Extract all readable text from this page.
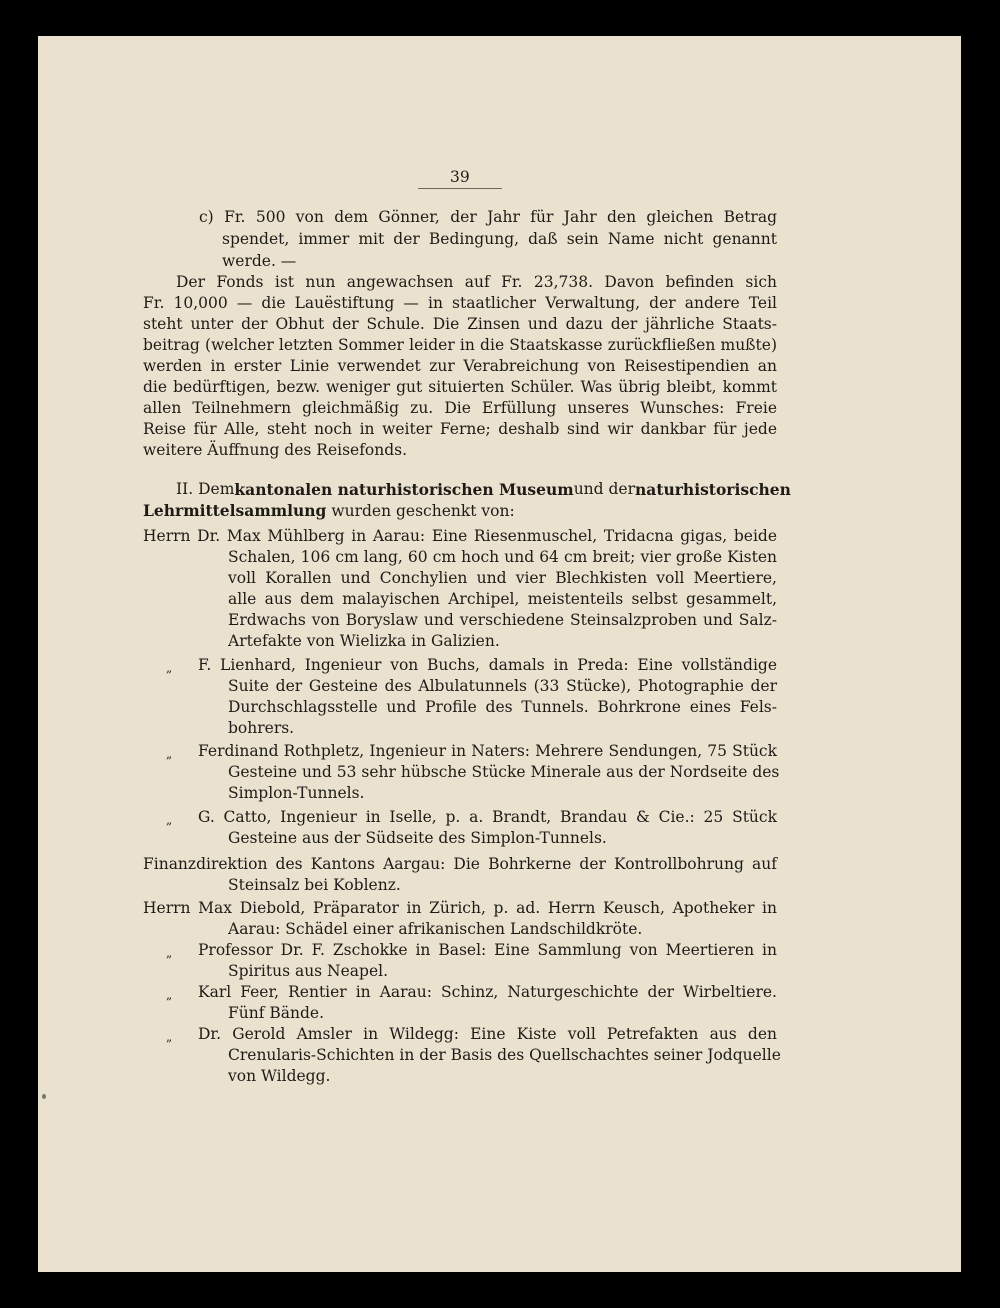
39
c) Fr. 500 von dem Gönner, der Jahr für Jahr den gleichen Betrag
spendet, immer mit der Bedingung, daß sein Name nicht genannt
werde. —
Der Fonds ist nun angewachsen auf Fr. 23,738. Davon befinden sich
Fr. 10,000 — die Lauëstiftung — in staatlicher Verwaltung, der andere Teil
steht unter der Obhut der Schule. Die Zinsen und dazu der jährliche Staats-
beitrag (welcher letzten Sommer leider in die Staatskasse zurückfließen mußte)
werden in erster Linie verwendet zur Verabreichung von Reisestipendien an
die bedürftigen, bezw. weniger gut situierten Schüler. Was übrig bleibt, kommt
allen Teilnehmern gleichmäßig zu. Die Erfüllung unseres Wunsches: Freie
Reise für Alle, steht noch in weiter Ferne; deshalb sind wir dankbar für jede
weitere Äuffnung des Reisefonds.
II. Dem kantonalen naturhistorischen Museum und der naturhistorischen
Lehrmittelsammlung wurden geschenkt von:
Herrn Dr. Max Mühlberg in Aarau: Eine Riesenmuschel, Tridacna gigas, beide
Schalen, 106 cm lang, 60 cm hoch und 64 cm breit; vier große Kisten
voll Korallen und Conchylien und vier Blechkisten voll Meertiere,
alle aus dem malayischen Archipel, meistenteils selbst gesammelt,
Erdwachs von Boryslaw und verschiedene Steinsalzproben und Salz-
Artefakte von Wielizka in Galizien.
„ F. Lienhard, Ingenieur von Buchs, damals in Preda: Eine vollständige
Suite der Gesteine des Albulatunnels (33 Stücke), Photographie der
Durchschlagsstelle und Profile des Tunnels. Bohrkrone eines Fels-
bohrers.
„ Ferdinand Rothpletz, Ingenieur in Naters: Mehrere Sendungen, 75 Stück
Gesteine und 53 sehr hübsche Stücke Minerale aus der Nordseite des
Simplon-Tunnels.
„ G. Catto, Ingenieur in Iselle, p. a. Brandt, Brandau & Cie.: 25 Stück
Gesteine aus der Südseite des Simplon-Tunnels.
Finanzdirektion des Kantons Aargau: Die Bohrkerne der Kontrollbohrung auf
Steinsalz bei Koblenz.
Herrn Max Diebold, Präparator in Zürich, p. ad. Herrn Keusch, Apotheker in
Aarau: Schädel einer afrikanischen Landschildkröte.
„ Professor Dr. F. Zschokke in Basel: Eine Sammlung von Meertieren in
Spiritus aus Neapel.
„ Karl Feer, Rentier in Aarau: Schinz, Naturgeschichte der Wirbeltiere.
Fünf Bände.
„ Dr. Gerold Amsler in Wildegg: Eine Kiste voll Petrefakten aus den
Crenularis-Schichten in der Basis des Quellschachtes seiner Jodquelle
von Wildegg.
